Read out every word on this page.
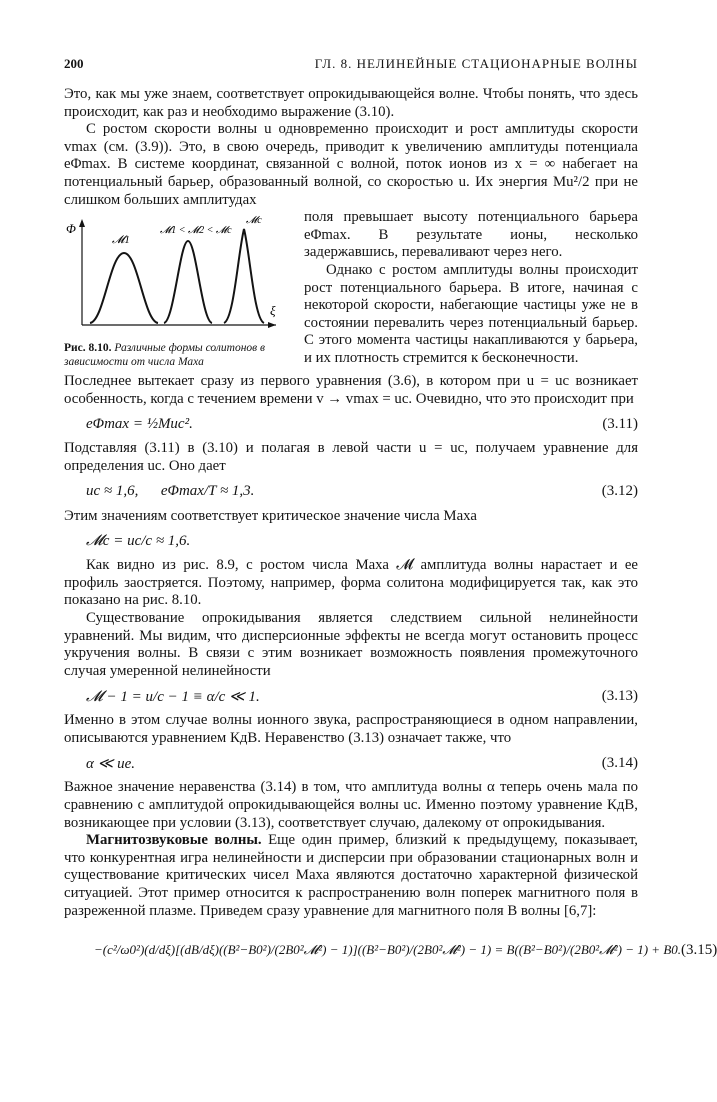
200	ГЛ. 8. НЕЛИНЕЙНЫЕ СТАЦИОНАРНЫЕ ВОЛНЫ

Это, как мы уже знаем, соответствует опрокидывающейся волне. Чтобы понять, что здесь происходит, как раз и необходимо выражение (3.10).

С ростом скорости волны u одновременно происходит и рост амплитуды скорости vmax (см. (3.9)). Это, в свою очередь, приводит к увеличению амплитуды потенциала eΦmax. В системе координат, связанной с волной, поток ионов из x = ∞ набегает на потенциальный барьер, образованный волной, со скоростью u. Их энергия Mu²/2 при не слишком больших амплитудах

Φ
ξ
𝓜1
𝓜1 < 𝓜2 < 𝓜c
𝓜c
Рис. 8.10. Различные формы солитонов в зависимости от числа Маха

поля превышает высоту потенциального барьера eΦmax. В результате ионы, несколько задержавшись, переваливают через него.

Однако с ростом амплитуды волны происходит рост потенциального барьера. В итоге, начиная с некоторой скорости, набегающие частицы уже не в состоянии перевалить через потенциальный барьер. С этого момента частицы накапливаются у барьера, и их плотность стремится к бесконечности.

Последнее вытекает сразу из первого уравнения (3.6), в котором при u = uc возникает особенность, когда с течением времени v → vmax = uc. Очевидно, что это происходит при

eΦmax = ½Muc².	(3.11)

Подставляя (3.11) в (3.10) и полагая в левой части u = uc, получаем уравнение для определения uc. Оно дает

uc ≈ 1,6,      eΦmax/T ≈ 1,3.	(3.12)

Этим значениям соответствует критическое значение числа Маха

𝓜c = uc/c ≈ 1,6.

Как видно из рис. 8.9, с ростом числа Маха 𝓜 амплитуда волны нарастает и ее профиль заостряется. Поэтому, например, форма солитона модифицируется так, как это показано на рис. 8.10.

Существование опрокидывания является следствием сильной нелинейности уравнений. Мы видим, что дисперсионные эффекты не всегда могут остановить процесс укручения волны. В связи с этим возникает возможность появления промежуточного случая умеренной нелинейности

𝓜 − 1 = u/c − 1 ≡ α/c ≪ 1.	(3.13)

Именно в этом случае волны ионного звука, распространяющиеся в одном направлении, описываются уравнением КдВ. Неравенство (3.13) означает также, что

α ≪ ue.	(3.14)

Важное значение неравенства (3.14) в том, что амплитуда волны α теперь очень мала по сравнению с амплитудой опрокидывающейся волны uc. Именно поэтому уравнение КдВ, возникающее при условии (3.13), соответствует случаю, далекому от опрокидывания.

Магнитозвуковые волны. Еще один пример, близкий к предыдущему, показывает, что конкурентная игра нелинейности и дисперсии при образовании стационарных волн и существование критических чисел Маха являются достаточно характерной физической ситуацией. Этот пример относится к распространению волн поперек магнитного поля в разреженной плазме. Приведем сразу уравнение для магнитного поля B волны [6,7]:

−(c²/ω0²)(d/dξ)[(dB/dξ)((B²−B0²)/(2B0²𝓜²) − 1)]((B²−B0²)/(2B0²𝓜²) − 1) = B((B²−B0²)/(2B0²𝓜²) − 1) + B0. (3.15)
